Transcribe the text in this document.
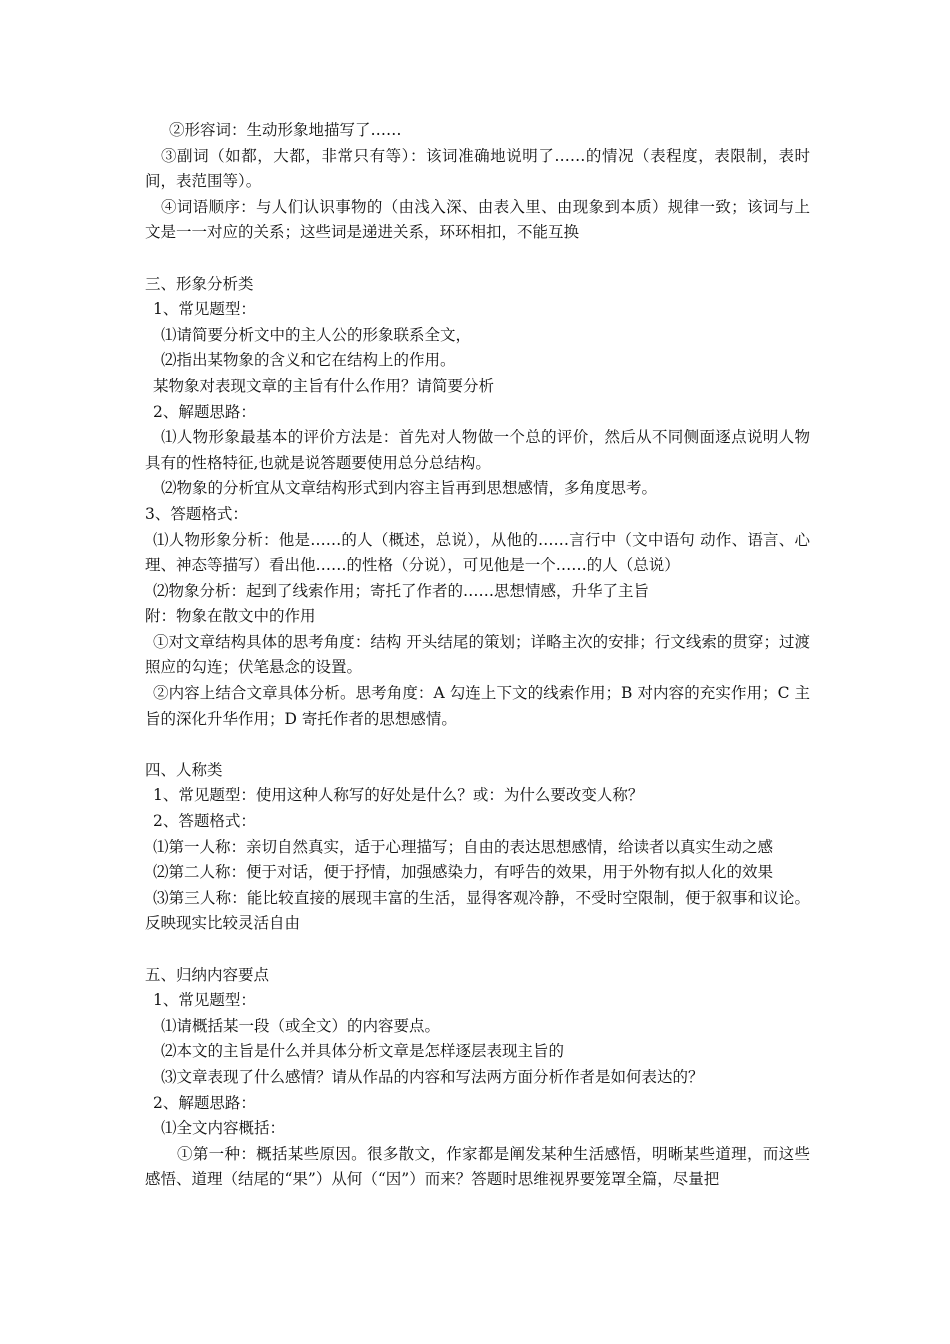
②形容词：生动形象地描写了……
③副词（如都，大都，非常只有等）：该词准确地说明了……的情况（表程度，表限制，表时间，表范围等）。
④词语顺序：与人们认识事物的（由浅入深、由表入里、由现象到本质）规律一致；该词与上文是一一对应的关系；这些词是递进关系，环环相扣，不能互换
三、形象分析类
1、常见题型：
⑴请简要分析文中的主人公的形象联系全文，
⑵指出某物象的含义和它在结构上的作用。
某物象对表现文章的主旨有什么作用？请简要分析
2、解题思路：
⑴人物形象最基本的评价方法是：首先对人物做一个总的评价，然后从不同侧面逐点说明人物具有的性格特征,也就是说答题要使用总分总结构。
⑵物象的分析宜从文章结构形式到内容主旨再到思想感情，多角度思考。
3、答题格式：
⑴人物形象分析：他是……的人（概述，总说），从他的……言行中（文中语句 动作、语言、心理、神态等描写）看出他……的性格（分说），可见他是一个……的人（总说）
⑵物象分析：起到了线索作用；寄托了作者的……思想情感，升华了主旨
附：物象在散文中的作用
①对文章结构具体的思考角度：结构 开头结尾的策划；详略主次的安排；行文线索的贯穿；过渡照应的勾连；伏笔悬念的设置。
②内容上结合文章具体分析。思考角度：A 勾连上下文的线索作用；B 对内容的充实作用；C 主旨的深化升华作用；D 寄托作者的思想感情。
四、人称类
1、常见题型：使用这种人称写的好处是什么？或：为什么要改变人称？
2、答题格式：
⑴第一人称：亲切自然真实，适于心理描写；自由的表达思想感情，给读者以真实生动之感
⑵第二人称：便于对话，便于抒情，加强感染力，有呼告的效果，用于外物有拟人化的效果
⑶第三人称：能比较直接的展现丰富的生活，显得客观冷静，不受时空限制，便于叙事和议论。反映现实比较灵活自由
五、归纳内容要点
1、常见题型：
⑴请概括某一段（或全文）的内容要点。
⑵本文的主旨是什么并具体分析文章是怎样逐层表现主旨的
⑶文章表现了什么感情？请从作品的内容和写法两方面分析作者是如何表达的？
2、解题思路：
⑴全文内容概括：
①第一种：概括某些原因。很多散文，作家都是阐发某种生活感悟，明晰某些道理，而这些感悟、道理（结尾的“果”）从何（“因”）而来？答题时思维视界要笼罩全篇，尽量把
